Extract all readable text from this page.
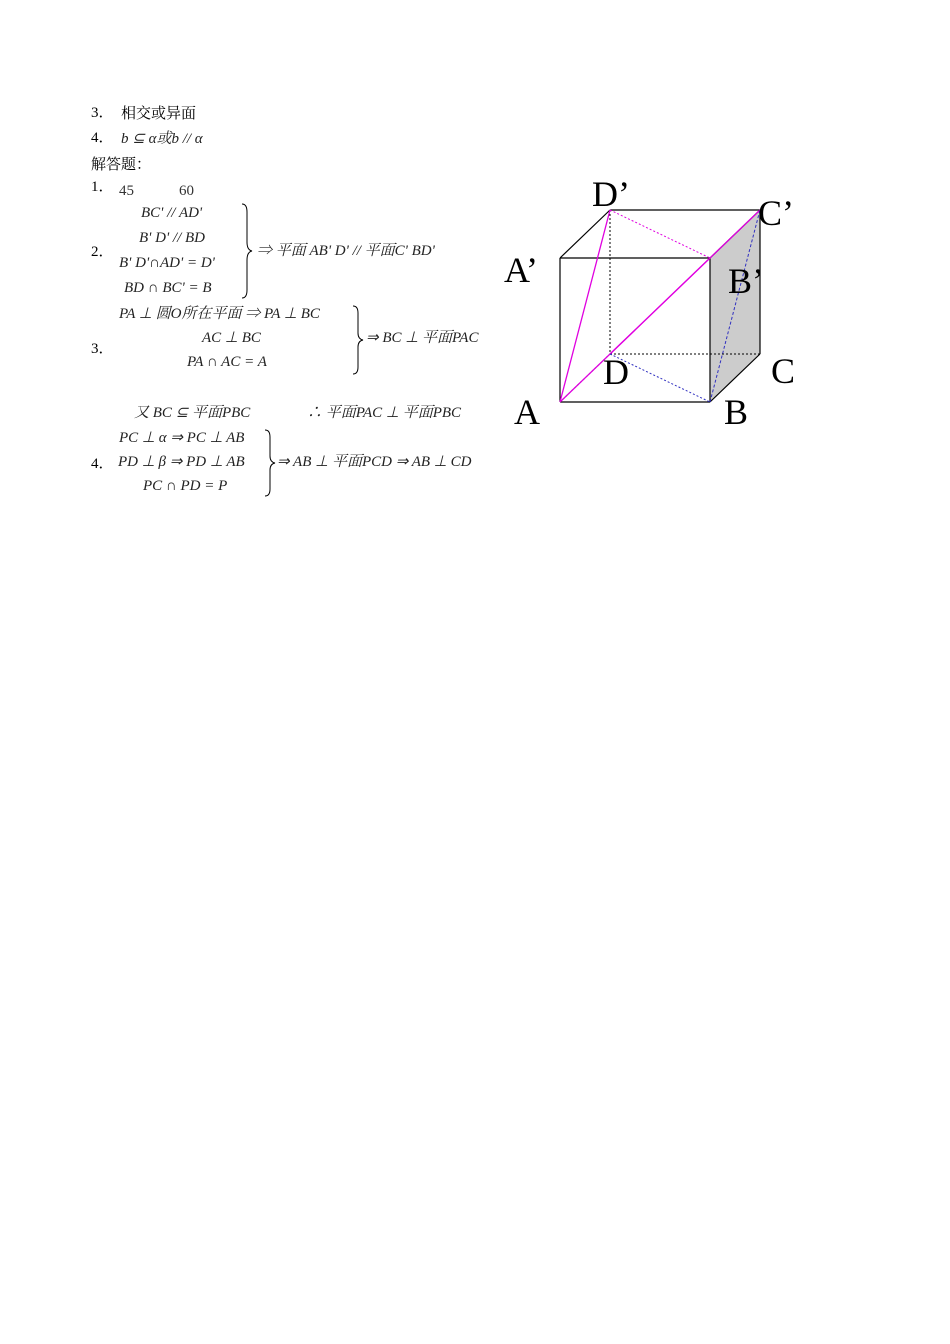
3． 相交或异面
4． b ⊆ α或b // α
解答题：
1． 45	60
2．
BC' // AD'
B' D' // BD
B' D'∩AD' = D'
BD ∩ BC' = B
⇒ 平面 AB' D' // 平面C' BD'
3．
PA ⊥ 圆O所在平面 ⇒ PA ⊥ BC
AC ⊥ BC
PA ∩ AC = A
⇒ BC ⊥ 平面PAC
又 BC ⊆ 平面PBC	∴ 平面PAC ⊥ 平面PBC
4．
PC ⊥ α ⇒ PC ⊥ AB
PD ⊥ β ⇒ PD ⊥ AB
PC ∩ PD = P
⇒ AB ⊥ 平面PCD ⇒ AB ⊥ CD
D’	C’
A’	B’
D	C
A	B
